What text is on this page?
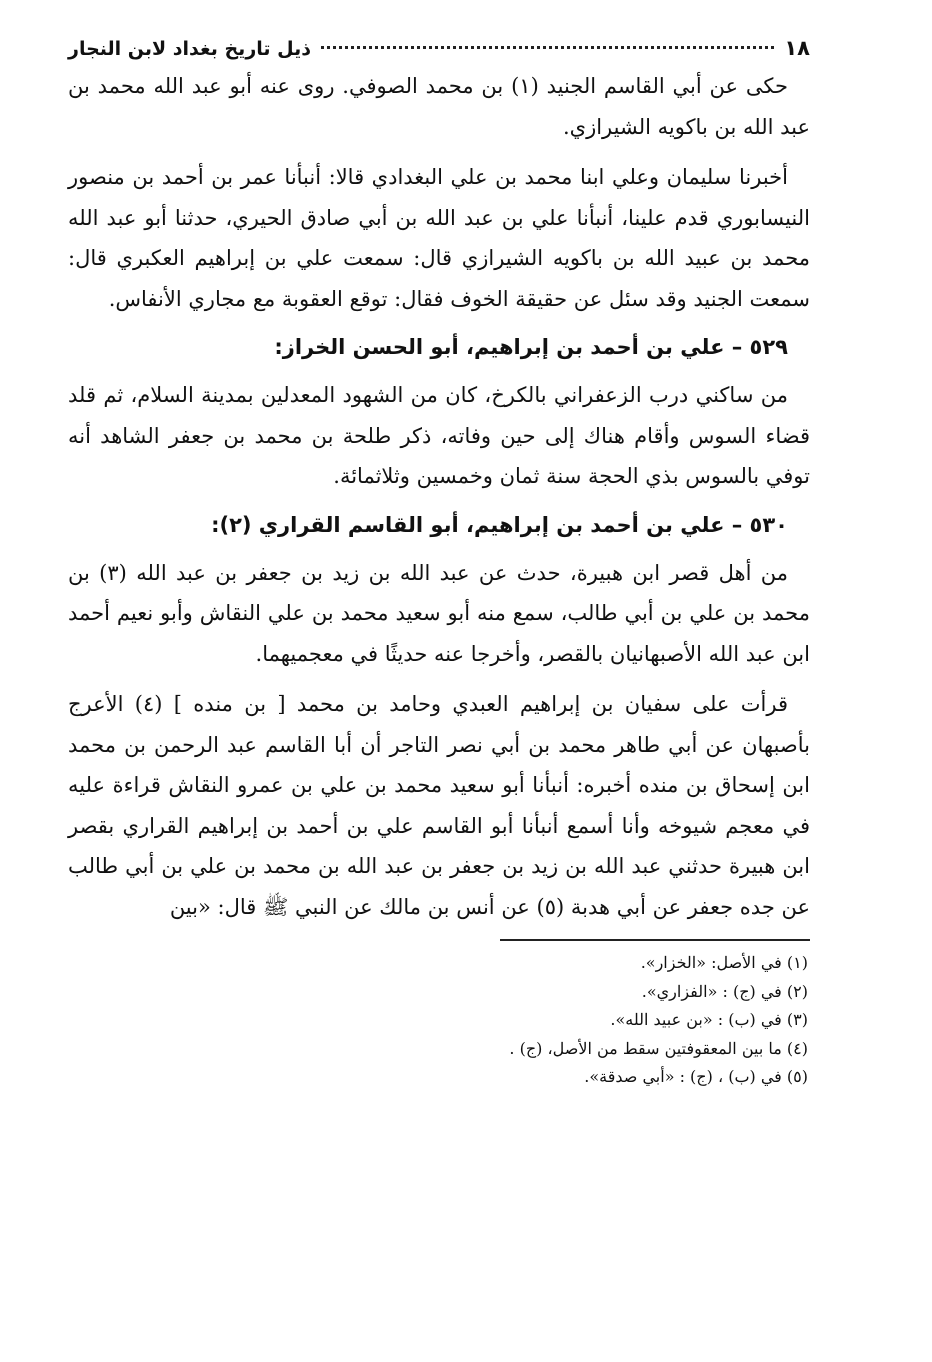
١٨
ذيل تاريخ بغداد لابن النجار

حكى عن أبي القاسم الجنيد (١) بن محمد الصوفي. روى عنه أبو عبد الله محمد بن عبد الله بن باكويه الشيرازي.

أخبرنا سليمان وعلي ابنا محمد بن علي البغدادي قالا: أنبأنا عمر بن أحمد بن منصور النيسابوري قدم علينا، أنبأنا علي بن عبد الله بن أبي صادق الحيري، حدثنا أبو عبد الله محمد بن عبيد الله بن باكويه الشيرازي قال: سمعت علي بن إبراهيم العكبري قال: سمعت الجنيد وقد سئل عن حقيقة الخوف فقال: توقع العقوبة مع مجاري الأنفاس.

٥٢٩ – علي بن أحمد بن إبراهيم، أبو الحسن الخراز:

من ساكني درب الزعفراني بالكرخ، كان من الشهود المعدلين بمدينة السلام، ثم قلد قضاء السوس وأقام هناك إلى حين وفاته، ذكر طلحة بن محمد بن جعفر الشاهد أنه توفي بالسوس بذي الحجة سنة ثمان وخمسين وثلاثمائة.

٥٣٠ – علي بن أحمد بن إبراهيم، أبو القاسم القراري (٢):

من أهل قصر ابن هبيرة، حدث عن عبد الله بن زيد بن جعفر بن عبد الله (٣) بن محمد بن علي بن أبي طالب، سمع منه أبو سعيد محمد بن علي النقاش وأبو نعيم أحمد ابن عبد الله الأصبهانيان بالقصر، وأخرجا عنه حديثًا في معجميهما.

قرأت على سفيان بن إبراهيم العبدي وحامد بن محمد [ بن منده ] (٤) الأعرج بأصبهان عن أبي طاهر محمد بن أبي نصر التاجر أن أبا القاسم عبد الرحمن بن محمد ابن إسحاق بن منده أخبره: أنبأنا أبو سعيد محمد بن علي بن عمرو النقاش قراءة عليه في معجم شيوخه وأنا أسمع أنبأنا أبو القاسم علي بن أحمد بن إبراهيم القراري بقصر ابن هبيرة حدثني عبد الله بن زيد بن جعفر بن عبد الله بن محمد بن علي بن أبي طالب عن جده جعفر عن أبي هدبة (٥) عن أنس بن مالك عن النبي ﷺ قال: «بين

(١) في الأصل: «الخزار».

(٢) في (ج) : «الفزاري».

(٣) في (ب) : «بن عبيد الله».

(٤) ما بين المعقوفتين سقط من الأصل، (ج) .

(٥) في (ب) ، (ج) : «أبي صدقة».
